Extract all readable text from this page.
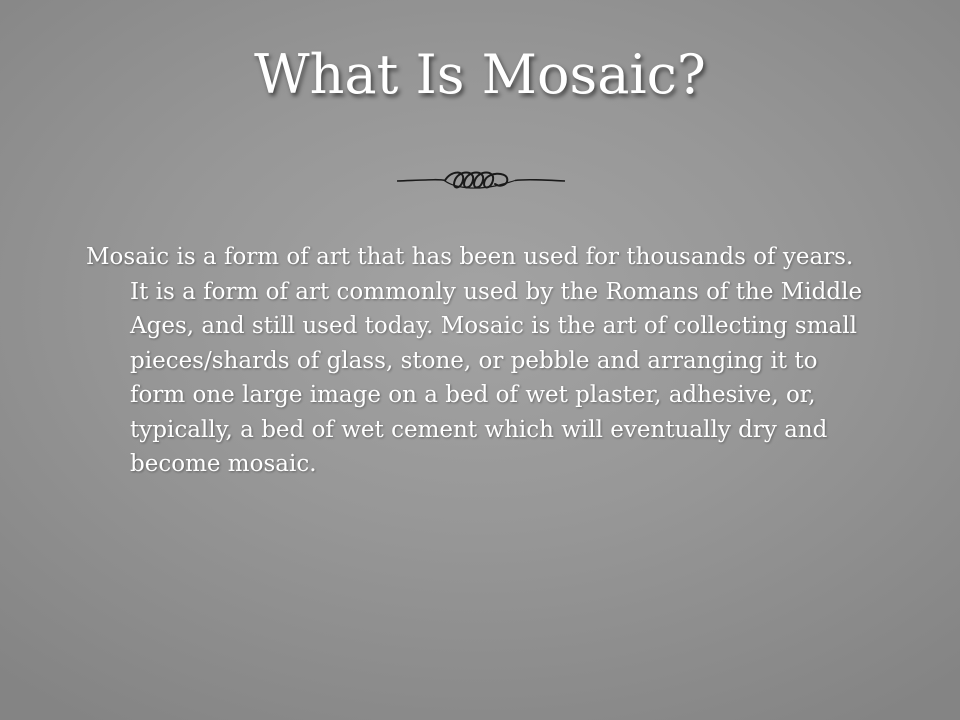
What Is Mosaic?

Mosaic is a form of art that has been used for thousands of years. It is a form of art commonly used by the Romans of the Middle Ages, and still used today. Mosaic is the art of collecting small pieces/shards of glass, stone, or pebble and arranging it to form one large image on a bed of wet plaster, adhesive, or, typically, a bed of wet cement which will eventually dry and become mosaic.
